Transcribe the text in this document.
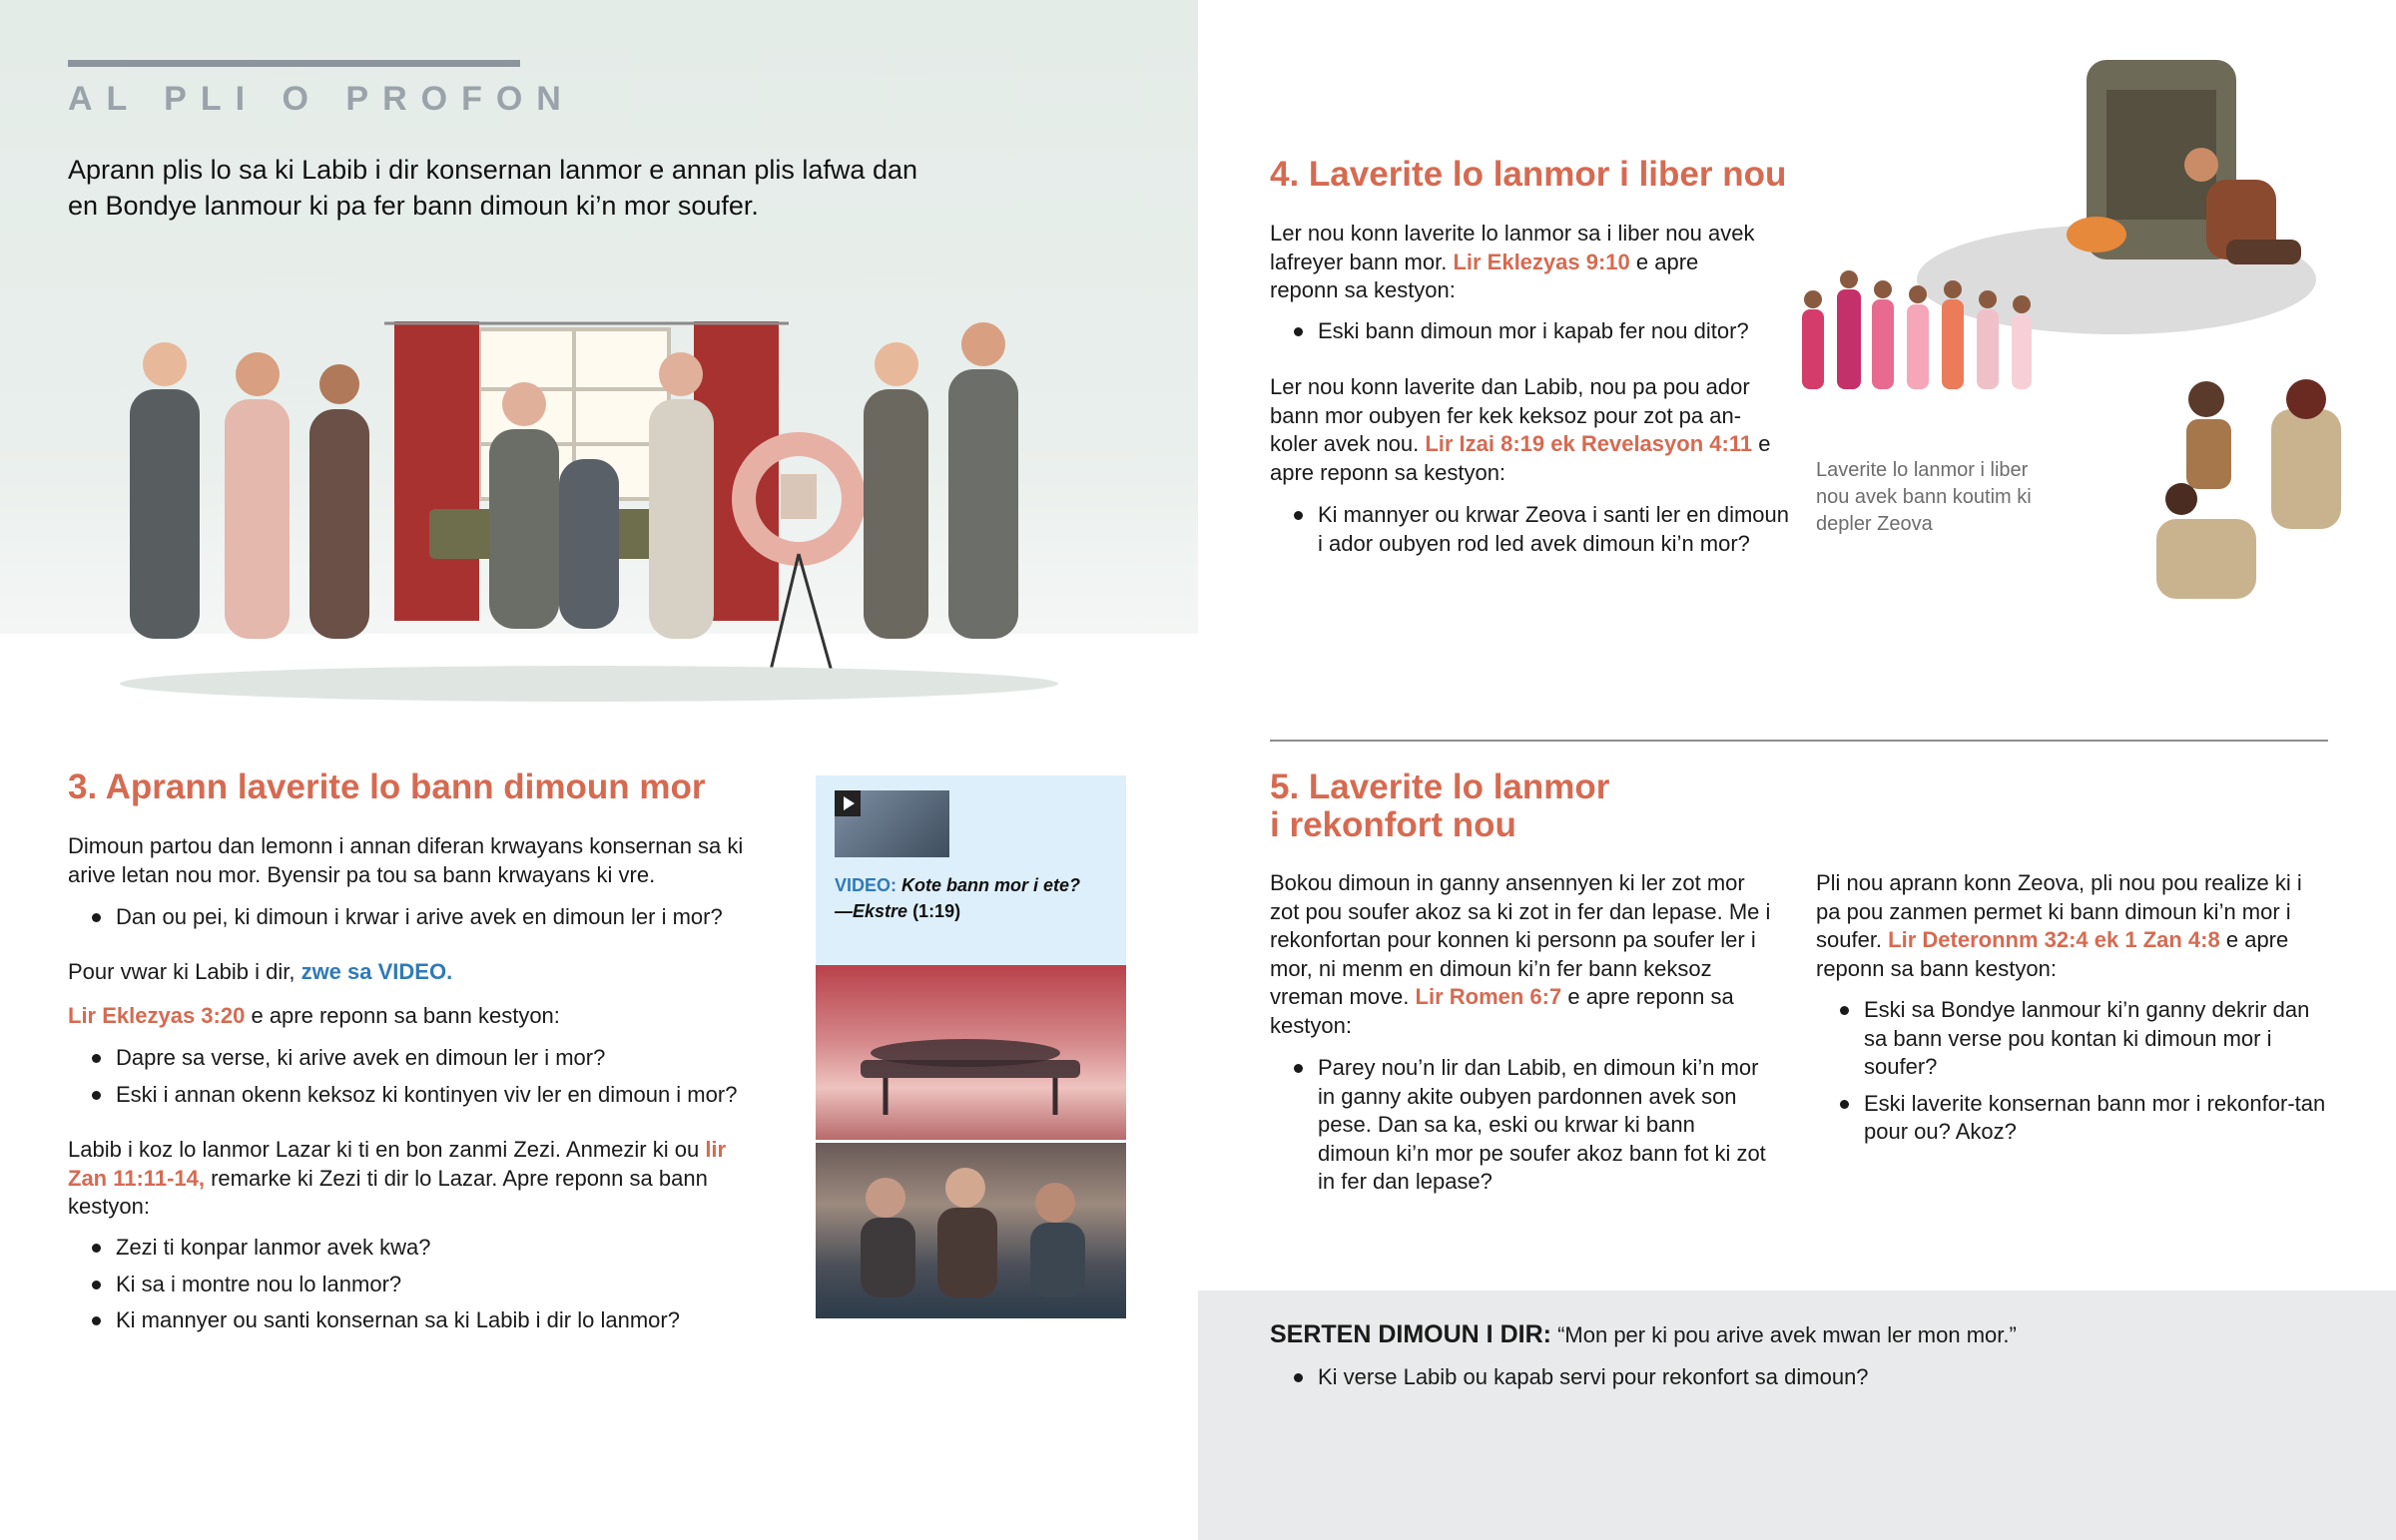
AL PLI O PROFON
Aprann plis lo sa ki Labib i dir konsernan lanmor e annan plis lafwa dan en Bondye lanmour ki pa fer bann dimoun ki’n mor soufer.
3. Aprann laverite lo bann dimoun mor
Dimoun partou dan lemonn i annan diferan krwayans konsernan sa ki arive letan nou mor. Byensir pa tou sa bann krwayans ki vre.
Dan ou pei, ki dimoun i krwar i arive avek en dimoun ler i mor?
Pour vwar ki Labib i dir, zwe sa VIDEO.
Lir Eklezyas 3:20 e apre reponn sa bann kestyon:
Dapre sa verse, ki arive avek en dimoun ler i mor?
Eski i annan okenn keksoz ki kontinyen viv ler en dimoun i mor?
Labib i koz lo lanmor Lazar ki ti en bon zanmi Zezi. Anmezir ki ou lir Zan 11:11-14, remarke ki Zezi ti dir lo Lazar. Apre reponn sa bann kestyon:
Zezi ti konpar lanmor avek kwa?
Ki sa i montre nou lo lanmor?
Ki mannyer ou santi konsernan sa ki Labib i dir lo lanmor?
VIDEO: Kote bann mor i ete?
—Ekstre (1:19)
4. Laverite lo lanmor i liber nou
Ler nou konn laverite lo lanmor sa i liber nou avek lafreyer bann mor. Lir Eklezyas 9:10 e apre reponn sa kestyon:
Eski bann dimoun mor i kapab fer nou ditor?
Ler nou konn laverite dan Labib, nou pa pou ador bann mor oubyen fer kek keksoz pour zot pa an-koler avek nou. Lir Izai 8:19 ek Revelasyon 4:11 e apre reponn sa kestyon:
Ki mannyer ou krwar Zeova i santi ler en dimoun i ador oubyen rod led avek dimoun ki’n mor?
Laverite lo lanmor i liber nou avek bann koutim ki depler Zeova
5. Laverite lo lanmor
i rekonfort nou
Bokou dimoun in ganny ansennyen ki ler zot mor zot pou soufer akoz sa ki zot in fer dan lepase. Me i rekonfortan pour konnen ki personn pa soufer ler i mor, ni menm en dimoun ki’n fer bann keksoz vreman move. Lir Romen 6:7 e apre reponn sa kestyon:
Parey nou’n lir dan Labib, en dimoun ki’n mor in ganny akite oubyen pardonnen avek son pese. Dan sa ka, eski ou krwar ki bann dimoun ki’n mor pe soufer akoz bann fot ki zot in fer dan lepase?
Pli nou aprann konn Zeova, pli nou pou realize ki i pa pou zanmen permet ki bann dimoun ki’n mor i soufer. Lir Deteronnm 32:4 ek 1 Zan 4:8 e apre reponn sa bann kestyon:
Eski sa Bondye lanmour ki’n ganny dekrir dan sa bann verse pou kontan ki dimoun mor i soufer?
Eski laverite konsernan bann mor i rekonfor-tan pour ou? Akoz?
SERTEN DIMOUN I DIR: “Mon per ki pou arive avek mwan ler mon mor.”
Ki verse Labib ou kapab servi pour rekonfort sa dimoun?
